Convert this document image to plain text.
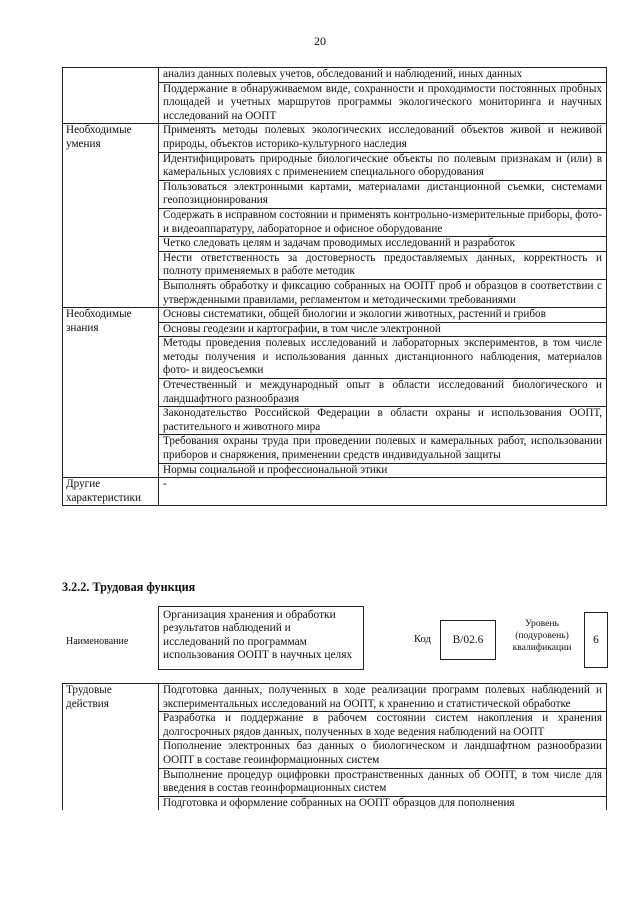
20
	анализ данных полевых учетов, обследований и наблюдений, иных данных
	Поддержание в обнаруживаемом виде, сохранности и проходимости постоянных пробных площадей и учетных маршрутов программы экологического мониторинга и научных исследований на ООПТ
Необходимые умения	Применять методы полевых экологических исследований объектов живой и неживой природы, объектов историко-культурного наследия
	Идентифицировать природные биологические объекты по полевым признакам и (или) в камеральных условиях с применением специального оборудования
	Пользоваться электронными картами, материалами дистанционной съемки, системами геопозиционирования
	Содержать в исправном состоянии и применять контрольно-измерительные приборы, фото- и видеоаппаратуру, лабораторное и офисное оборудование
	Четко следовать целям и задачам проводимых исследований и разработок
	Нести ответственность за достоверность предоставляемых данных, корректность и полноту применяемых в работе методик
	Выполнять обработку и фиксацию собранных на ООПТ проб и образцов в соответствии с утвержденными правилами, регламентом и методическими требованиями
Необходимые знания	Основы систематики, общей биологии и экологии животных, растений и грибов
	Основы геодезии и картографии, в том числе электронной
	Методы проведения полевых исследований и лабораторных экспериментов, в том числе методы получения и использования данных дистанционного наблюдения, материалов фото- и видеосъемки
	Отечественный и международный опыт в области исследований биологического и ландшафтного разнообразия
	Законодательство Российской Федерации в области охраны и использования ООПТ, растительного и животного мира
	Требования охраны труда при проведении полевых и камеральных работ, использовании приборов и снаряжения, применении средств индивидуальной защиты
	Нормы социальной и профессиональной этики
Другие характеристики	-
3.2.2. Трудовая функция
Наименование
Организация хранения и обработки результатов наблюдений и исследований по программам использования ООПТ в научных целях
Код	B/02.6
Уровень (подуровень) квалификации
6
Трудовые действия	Подготовка данных, полученных в ходе реализации программ полевых наблюдений и экспериментальных исследований на ООПТ, к хранению и статистической обработке
Разработка и поддержание в рабочем состоянии систем накопления и хранения долгосрочных рядов данных, полученных в ходе ведения наблюдений на ООПТ
Пополнение электронных баз данных о биологическом и ландшафтном разнообразии ООПТ в составе геоинформационных систем
Выполнение процедур оцифровки пространственных данных об ООПТ, в том числе для введения в состав геоинформационных систем
Подготовка и оформление собранных на ООПТ образцов для пополнения
